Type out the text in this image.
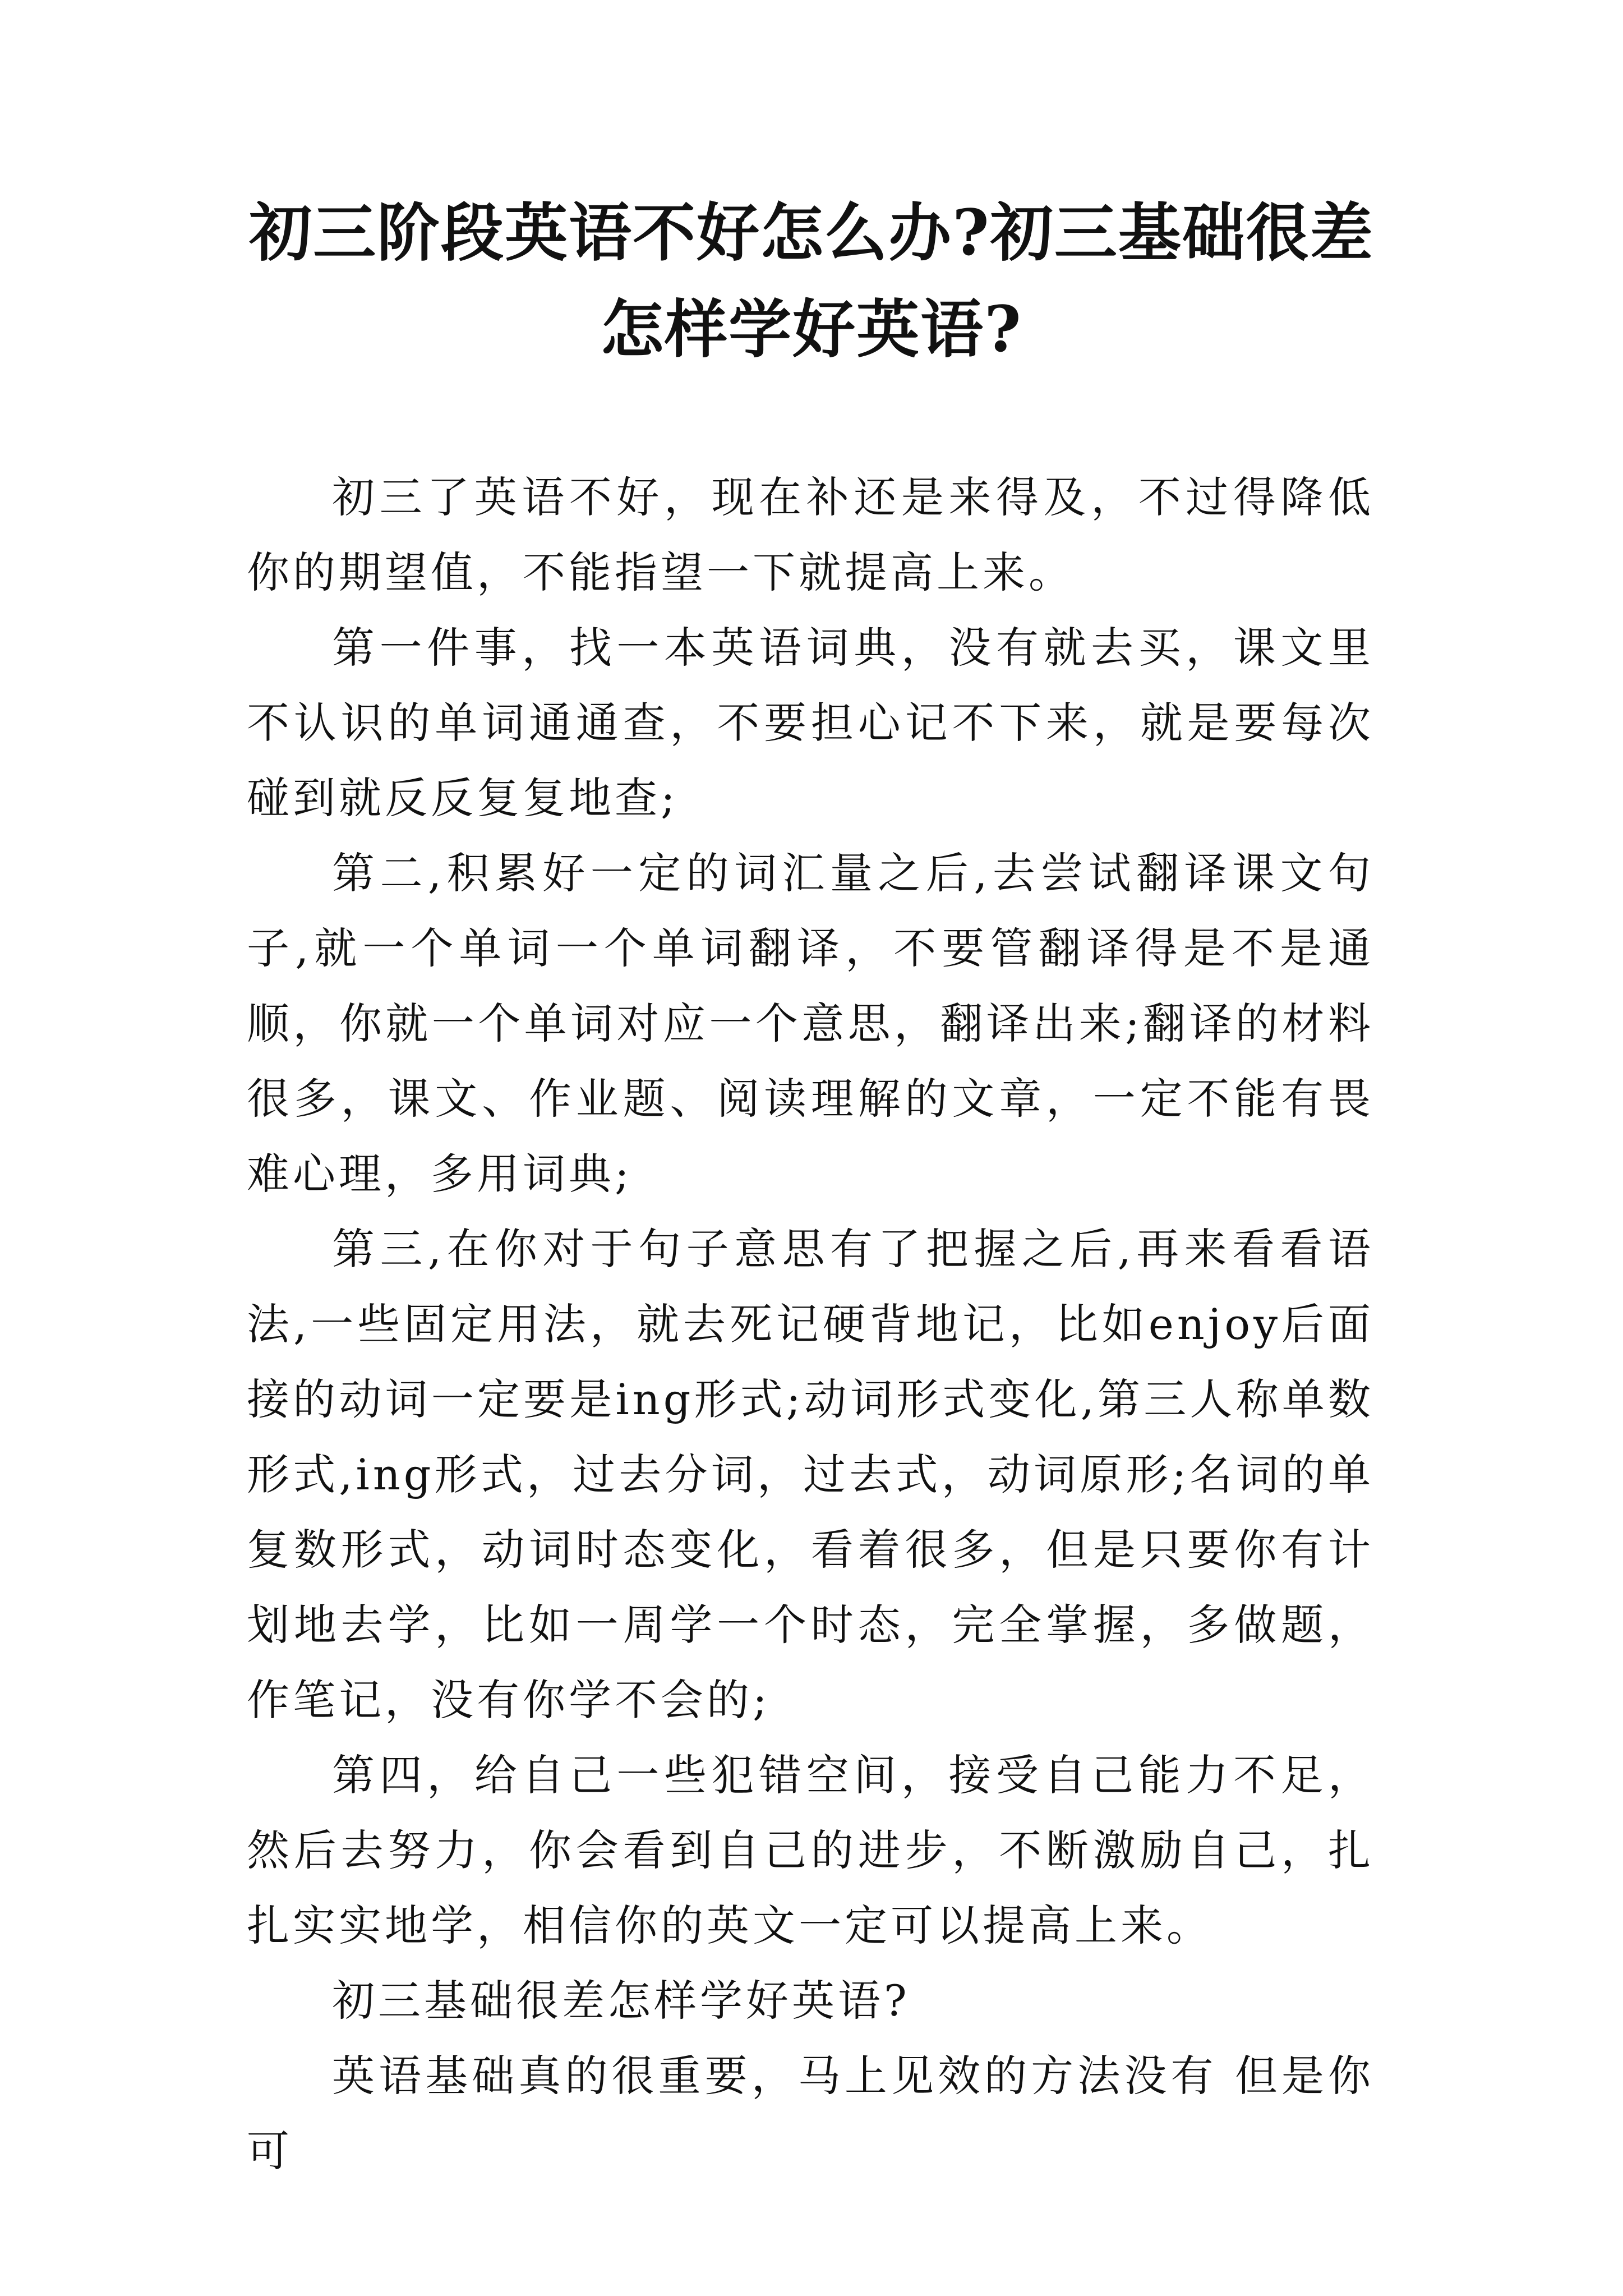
初三阶段英语不好怎么办?初三基础很差怎样学好英语?

初三了英语不好，现在补还是来得及，不过得降低你的期望值，不能指望一下就提高上来。

第一件事，找一本英语词典，没有就去买，课文里不认识的单词通通查，不要担心记不下来，就是要每次碰到就反反复复地查;

第二,积累好一定的词汇量之后,去尝试翻译课文句子,就一个单词一个单词翻译，不要管翻译得是不是通顺，你就一个单词对应一个意思，翻译出来;翻译的材料很多，课文、作业题、阅读理解的文章，一定不能有畏难心理，多用词典;

第三,在你对于句子意思有了把握之后,再来看看语法,一些固定用法，就去死记硬背地记，比如enjoy后面接的动词一定要是ing形式;动词形式变化,第三人称单数形式,ing形式，过去分词，过去式，动词原形;名词的单复数形式，动词时态变化，看着很多，但是只要你有计划地去学，比如一周学一个时态，完全掌握，多做题，作笔记，没有你学不会的;

第四，给自己一些犯错空间，接受自己能力不足，然后去努力，你会看到自己的进步，不断激励自己，扎扎实实地学，相信你的英文一定可以提高上来。

初三基础很差怎样学好英语?

英语基础真的很重要，马上见效的方法没有 但是你可
